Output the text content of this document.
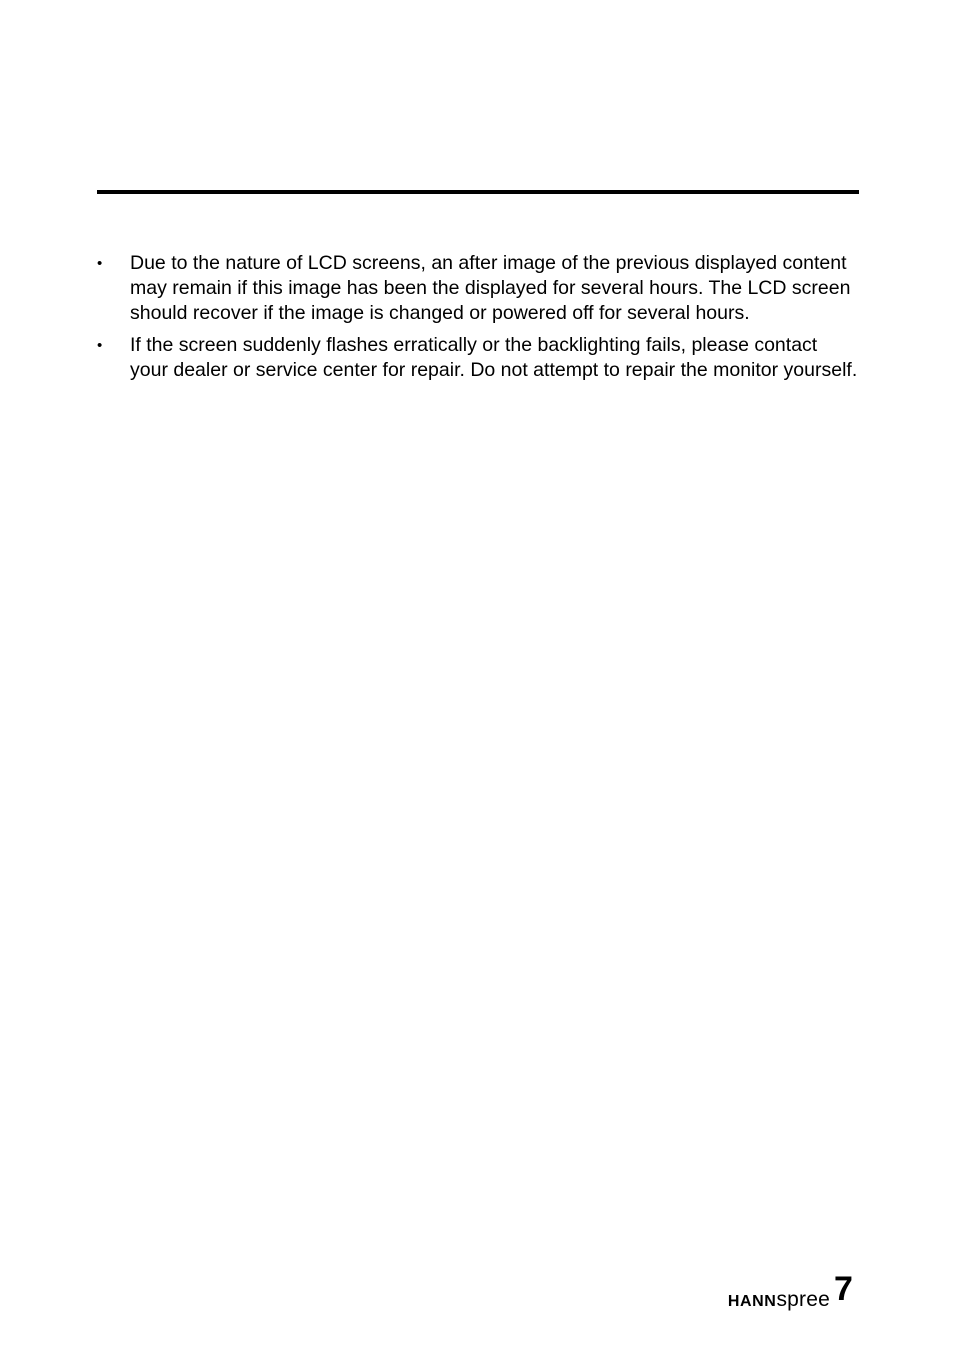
•	Due to the nature of LCD screens, an after image of the previous displayed content may remain if this image has been the displayed for several hours. The LCD screen should recover if the image is changed or powered off for several hours.
•	If the screen suddenly flashes erratically or the backlighting fails, please contact your dealer or service center for repair. Do not attempt to repair the monitor yourself.
HANNspree 7
